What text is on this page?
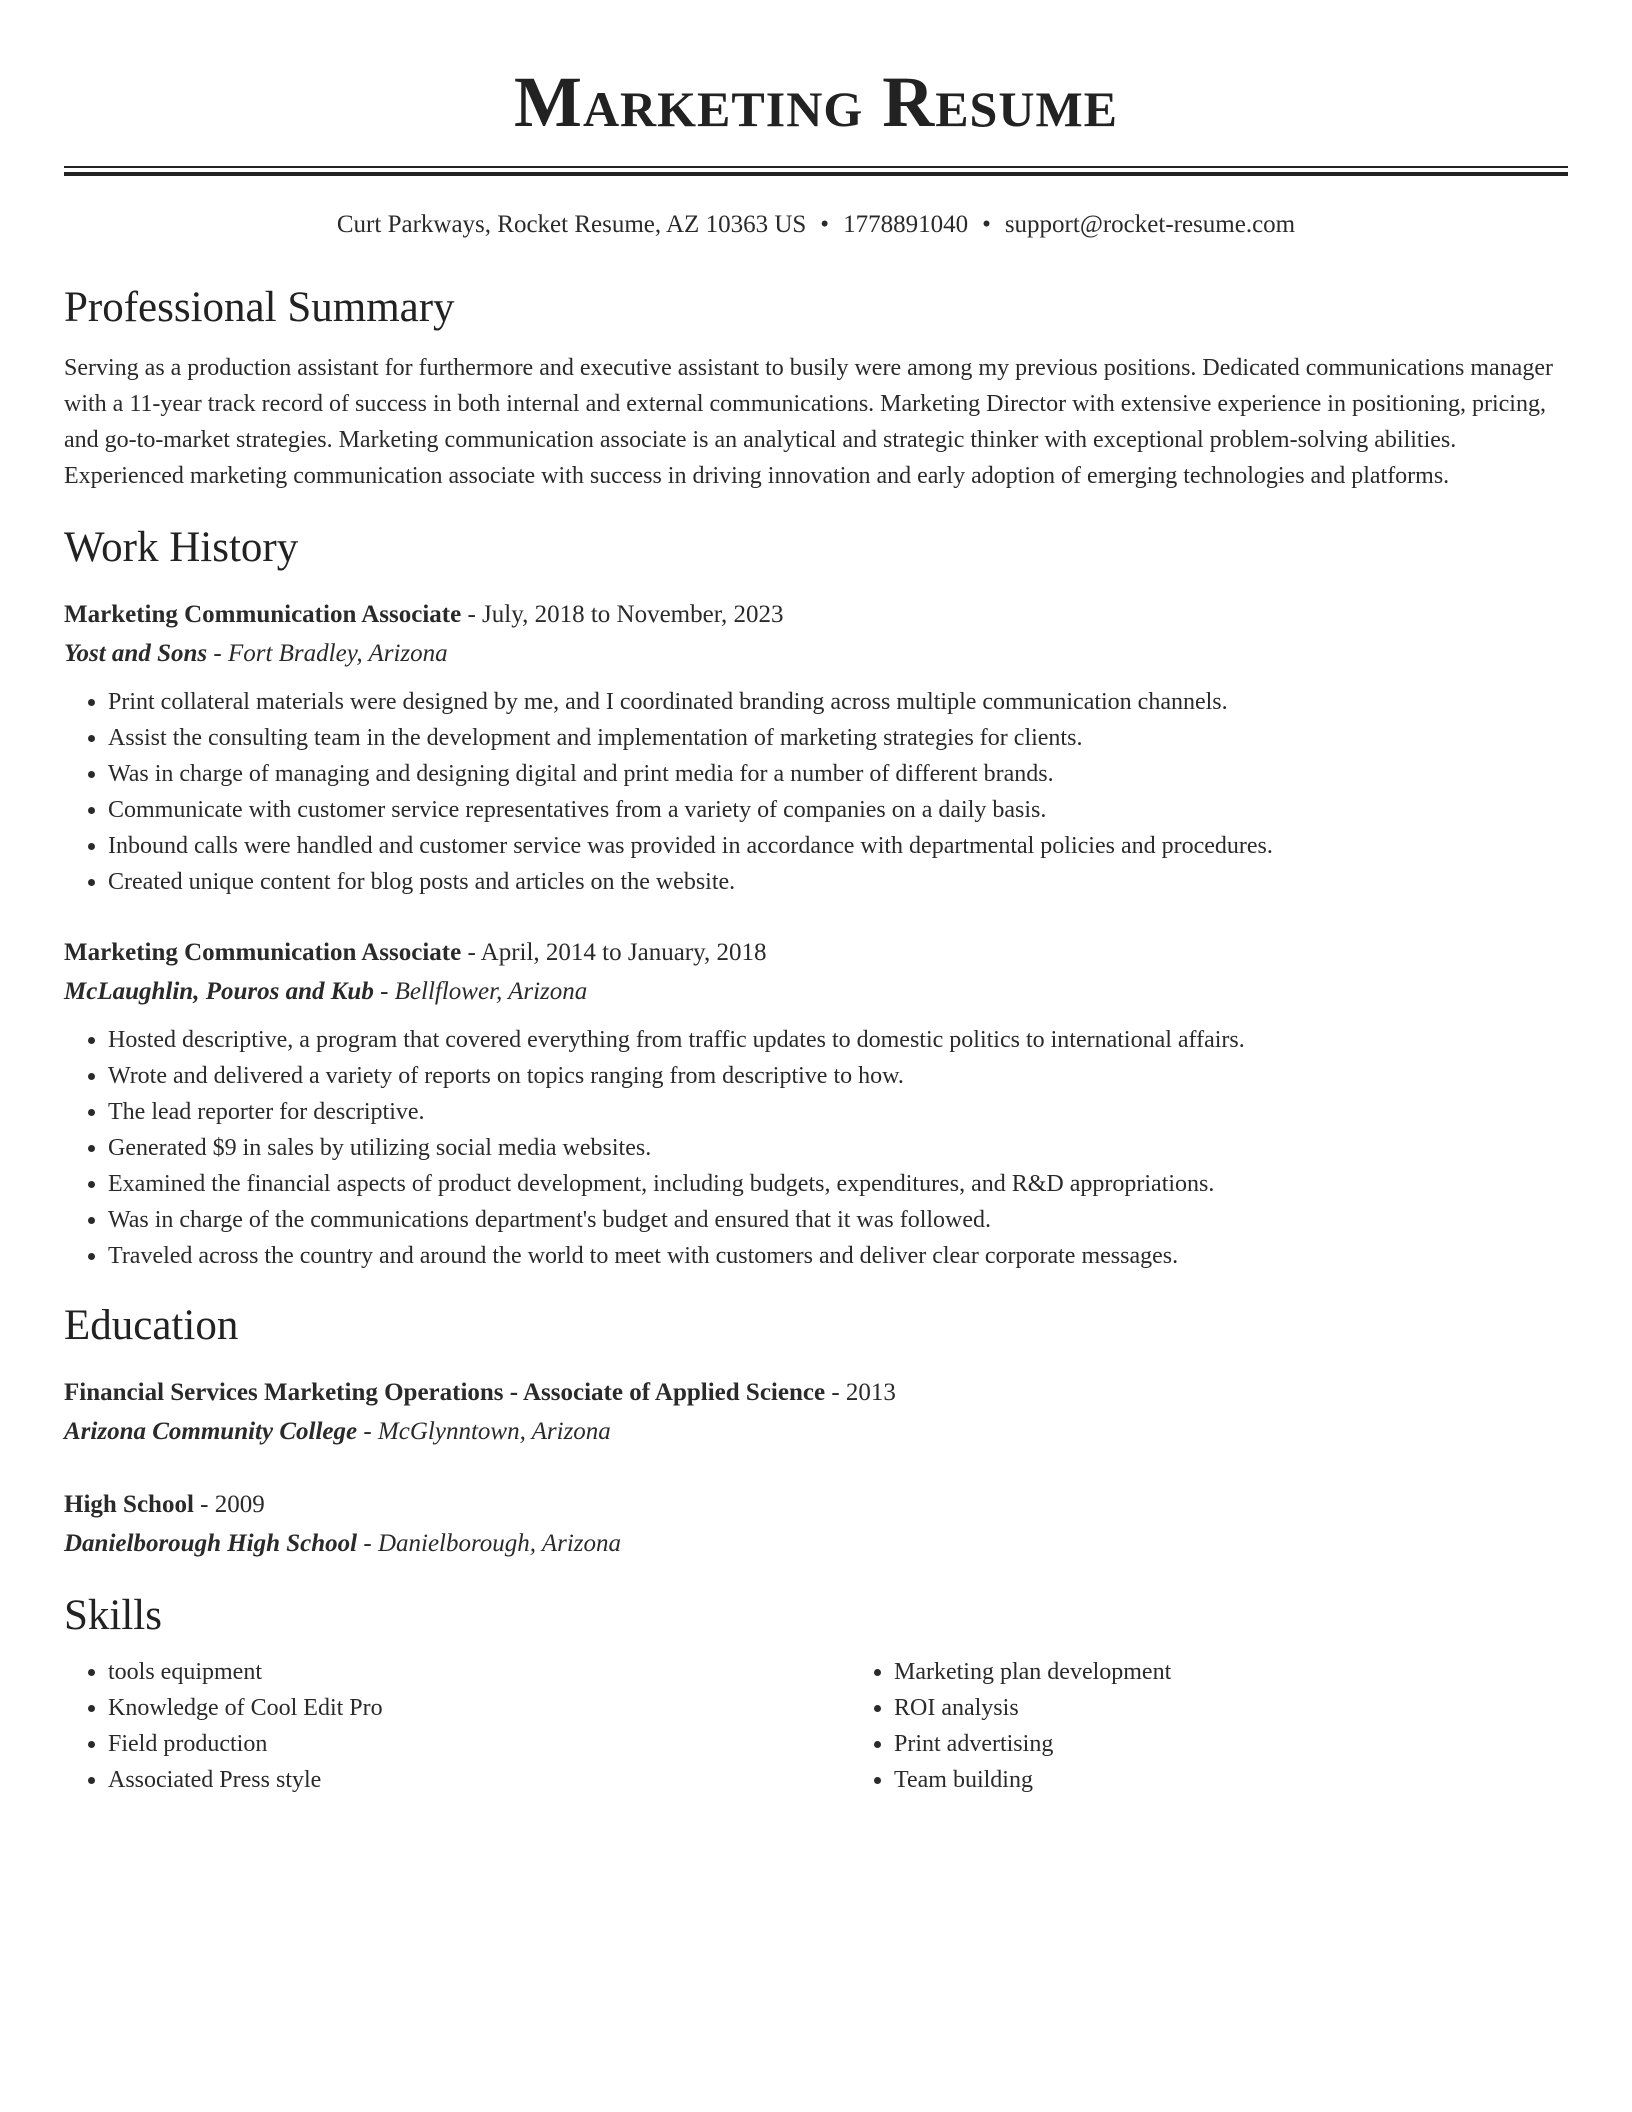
Marketing Resume
Curt Parkways, Rocket Resume, AZ 10363 US • 1778891040 • support@rocket-resume.com
Professional Summary
Serving as a production assistant for furthermore and executive assistant to busily were among my previous positions. Dedicated communications manager with a 11-year track record of success in both internal and external communications. Marketing Director with extensive experience in positioning, pricing, and go-to-market strategies. Marketing communication associate is an analytical and strategic thinker with exceptional problem-solving abilities. Experienced marketing communication associate with success in driving innovation and early adoption of emerging technologies and platforms.
Work History
Marketing Communication Associate - July, 2018 to November, 2023
Yost and Sons - Fort Bradley, Arizona
• Print collateral materials were designed by me, and I coordinated branding across multiple communication channels.
• Assist the consulting team in the development and implementation of marketing strategies for clients.
• Was in charge of managing and designing digital and print media for a number of different brands.
• Communicate with customer service representatives from a variety of companies on a daily basis.
• Inbound calls were handled and customer service was provided in accordance with departmental policies and procedures.
• Created unique content for blog posts and articles on the website.
Marketing Communication Associate - April, 2014 to January, 2018
McLaughlin, Pouros and Kub - Bellflower, Arizona
• Hosted descriptive, a program that covered everything from traffic updates to domestic politics to international affairs.
• Wrote and delivered a variety of reports on topics ranging from descriptive to how.
• The lead reporter for descriptive.
• Generated $9 in sales by utilizing social media websites.
• Examined the financial aspects of product development, including budgets, expenditures, and R&D appropriations.
• Was in charge of the communications department's budget and ensured that it was followed.
• Traveled across the country and around the world to meet with customers and deliver clear corporate messages.
Education
Financial Services Marketing Operations - Associate of Applied Science - 2013
Arizona Community College - McGlynntown, Arizona
High School - 2009
Danielborough High School - Danielborough, Arizona
Skills
• tools equipment
• Knowledge of Cool Edit Pro
• Field production
• Associated Press style
• Marketing plan development
• ROI analysis
• Print advertising
• Team building
